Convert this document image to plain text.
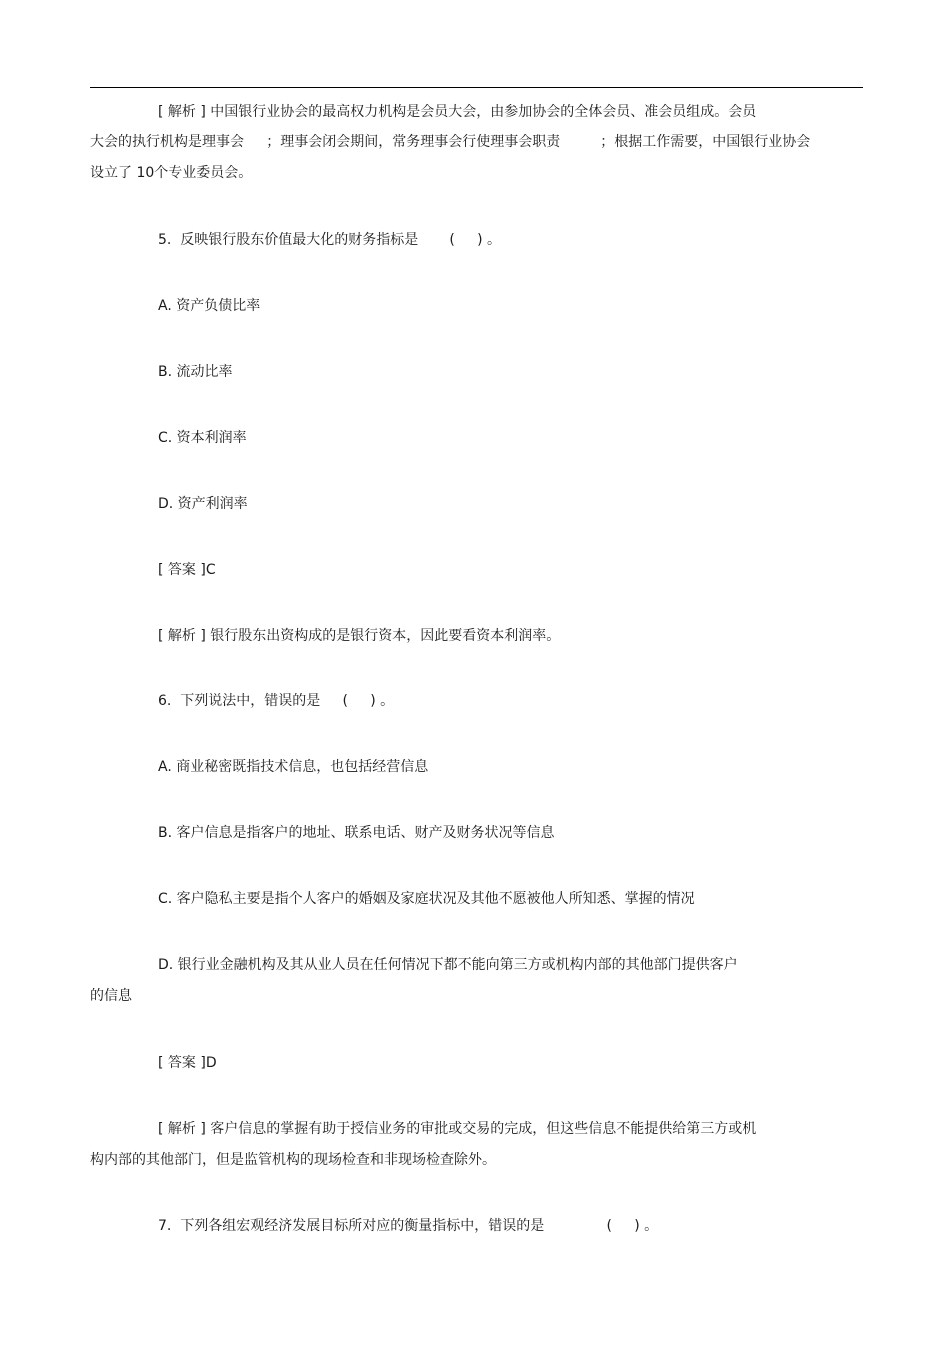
[ 解析 ] 中国银行业协会的最高权力机构是会员大会，由参加协会的全体会员、准会员组成。会员
大会的执行机构是理事会     ；理事会闭会期间，常务理事会行使理事会职责         ；根据工作需要，中国银行业协会
设立了 10个专业委员会。
5.  反映银行股东价值最大化的财务指标是       (     ) 。
A. 资产负债比率
B. 流动比率
C. 资本利润率
D. 资产利润率
[ 答案 ]C
[ 解析 ] 银行股东出资构成的是银行资本，因此要看资本利润率。
6.  下列说法中，错误的是     (     ) 。
A. 商业秘密既指技术信息，也包括经营信息
B. 客户信息是指客户的地址、联系电话、财产及财务状况等信息
C. 客户隐私主要是指个人客户的婚姻及家庭状况及其他不愿被他人所知悉、掌握的情况
D. 银行业金融机构及其从业人员在任何情况下都不能向第三方或机构内部的其他部门提供客户
的信息
[ 答案 ]D
[ 解析 ] 客户信息的掌握有助于授信业务的审批或交易的完成，但这些信息不能提供给第三方或机
构内部的其他部门，但是监管机构的现场检查和非现场检查除外。
7.  下列各组宏观经济发展目标所对应的衡量指标中，错误的是              (     ) 。
